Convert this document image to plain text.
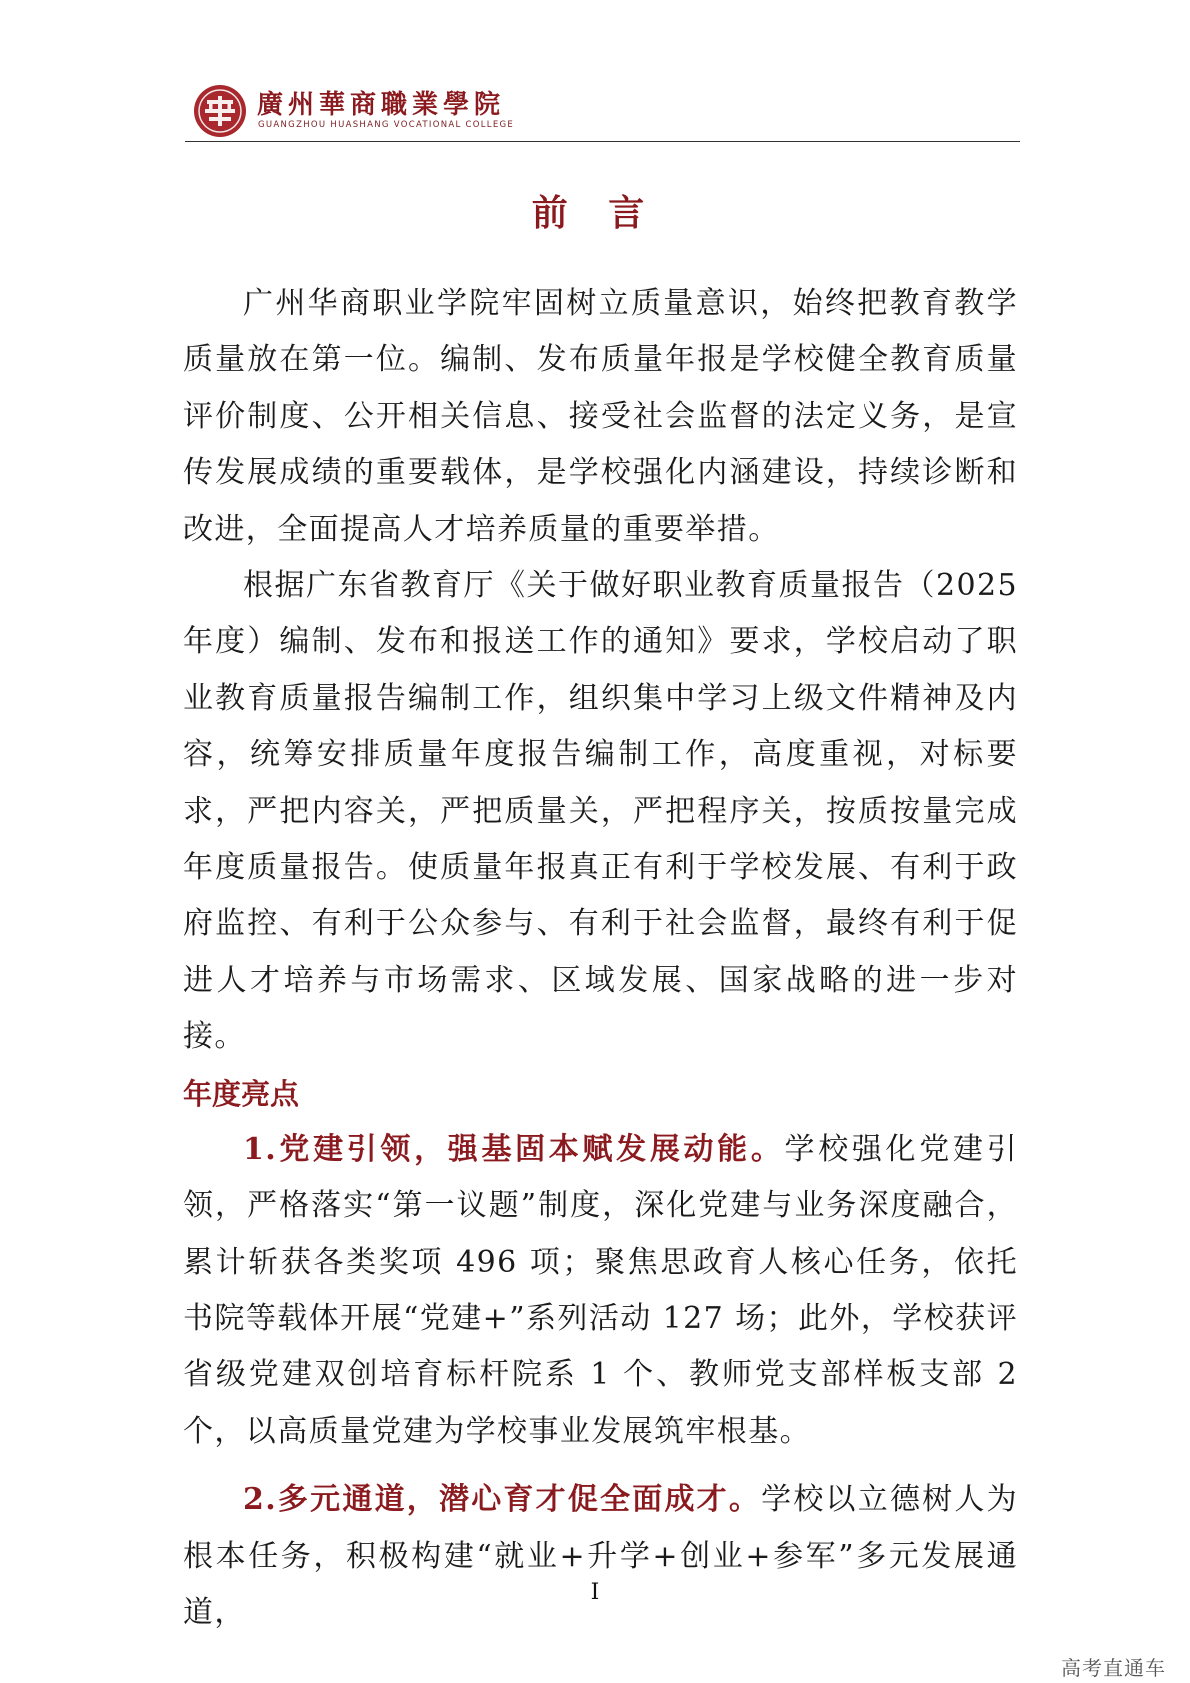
廣州華商職業學院
GUANGZHOU HUASHANG VOCATIONAL COLLEGE
前 言

广州华商职业学院牢固树立质量意识，始终把教育教学质量放在第一位。编制、发布质量年报是学校健全教育质量评价制度、公开相关信息、接受社会监督的法定义务，是宣传发展成绩的重要载体，是学校强化内涵建设，持续诊断和改进，全面提高人才培养质量的重要举措。

根据广东省教育厅《关于做好职业教育质量报告（2025年度）编制、发布和报送工作的通知》要求，学校启动了职业教育质量报告编制工作，组织集中学习上级文件精神及内容，统筹安排质量年度报告编制工作，高度重视，对标要求，严把内容关，严把质量关，严把程序关，按质按量完成年度质量报告。使质量年报真正有利于学校发展、有利于政府监控、有利于公众参与、有利于社会监督，最终有利于促进人才培养与市场需求、区域发展、国家战略的进一步对接。

年度亮点

1.党建引领，强基固本赋发展动能。学校强化党建引领，严格落实“第一议题”制度，深化党建与业务深度融合，累计斩获各类奖项 496 项；聚焦思政育人核心任务，依托书院等载体开展“党建+”系列活动 127 场；此外，学校获评省级党建双创培育标杆院系 1 个、教师党支部样板支部 2 个，以高质量党建为学校事业发展筑牢根基。

2.多元通道，潜心育才促全面成才。学校以立德树人为根本任务，积极构建“就业+升学+创业+参军”多元发展通道，

I
高考直通车
